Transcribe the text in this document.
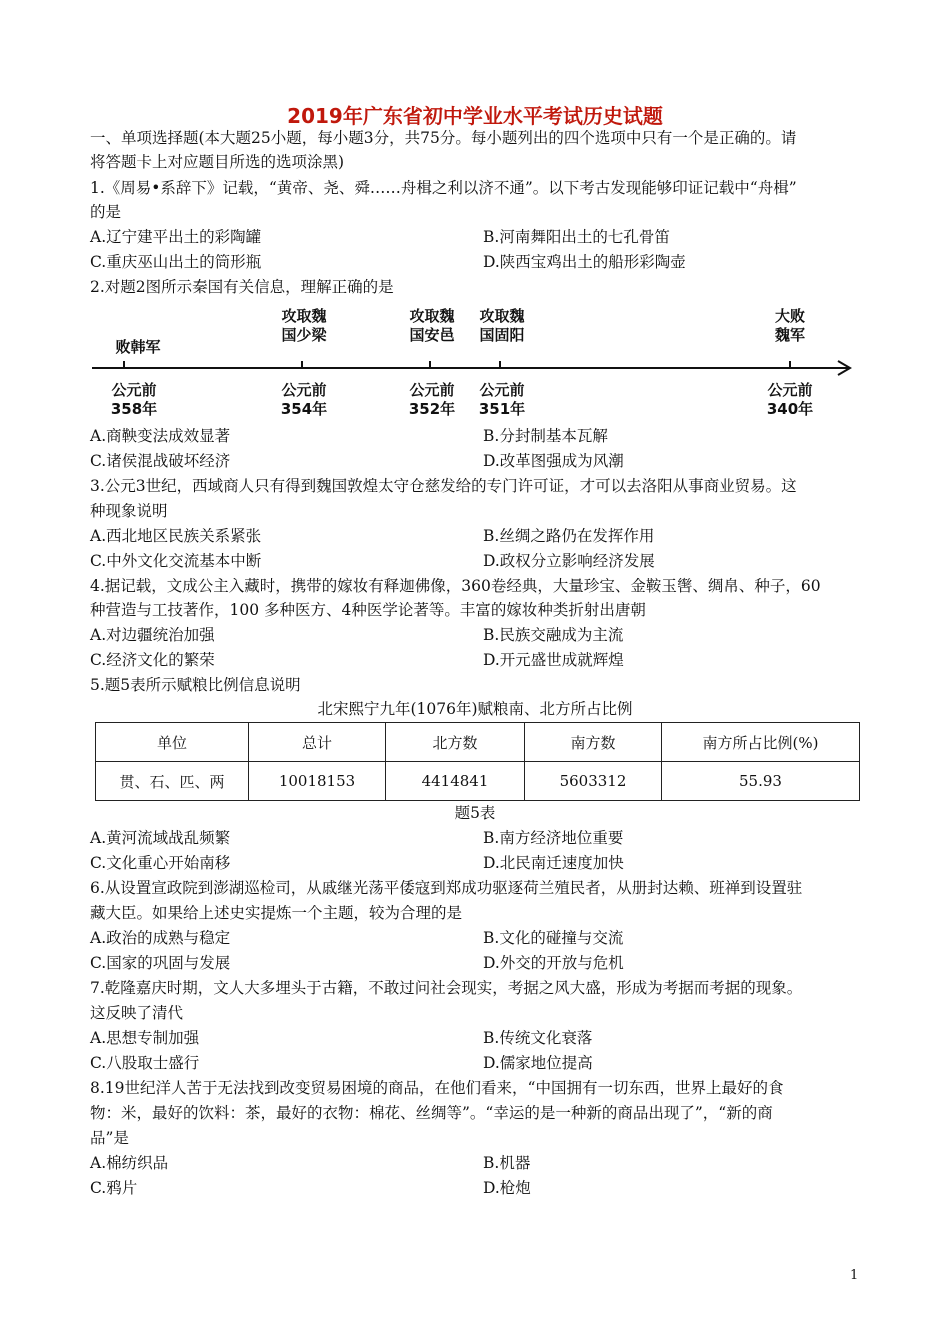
2019年广东省初中学业水平考试历史试题
一、单项选择题(本大题25小题，每小题3分，共75分。每小题列出的四个选项中只有一个是正确的。请
将答题卡上对应题目所选的选项涂黑)
1.《周易•系辞下》记载，“黄帝、尧、舜……舟楫之利以济不通”。以下考古发现能够印证记载中“舟楫”
的是
A.辽宁建平出土的彩陶罐	B.河南舞阳出土的七孔骨笛
C.重庆巫山出土的筒形瓶	D.陕西宝鸡出土的船形彩陶壶
2.对题2图所示秦国有关信息，理解正确的是
败韩军
公元前
358年
攻取魏
国少梁
公元前
354年
攻取魏
国安邑
公元前
352年
攻取魏
国固阳
公元前
351年
大败
魏军
公元前
340年
A.商鞅变法成效显著	B.分封制基本瓦解
C.诸侯混战破坏经济	D.改革图强成为风潮
3.公元3世纪，西域商人只有得到魏国敦煌太守仓慈发给的专门许可证，才可以去洛阳从事商业贸易。这
种现象说明
A.西北地区民族关系紧张	B.丝绸之路仍在发挥作用
C.中外文化交流基本中断	D.政权分立影响经济发展
4.据记载，文成公主入藏时，携带的嫁妆有释迦佛像，360卷经典，大量珍宝、金鞍玉辔、绸帛、种子，60
种营造与工技著作，100 多种医方、4种医学论著等。丰富的嫁妆种类折射出唐朝
A.对边疆统治加强	B.民族交融成为主流
C.经济文化的繁荣	D.开元盛世成就辉煌
5.题5表所示赋粮比例信息说明
北宋熙宁九年(1076年)赋粮南、北方所占比例
单位	总计	北方数	南方数	南方所占比例(%)
贯、石、匹、两	10018153	4414841	5603312	55.93
题5表
A.黄河流域战乱频繁	B.南方经济地位重要
C.文化重心开始南移	D.北民南迁速度加快
6.从设置宣政院到澎湖巡检司，从戚继光荡平倭寇到郑成功驱逐荷兰殖民者，从册封达赖、班禅到设置驻
藏大臣。如果给上述史实提炼一个主题，较为合理的是
A.政治的成熟与稳定	B.文化的碰撞与交流
C.国家的巩固与发展	D.外交的开放与危机
7.乾隆嘉庆时期，文人大多埋头于古籍，不敢过问社会现实，考据之风大盛，形成为考据而考据的现象。
这反映了清代
A.思想专制加强	B.传统文化衰落
C.八股取士盛行	D.儒家地位提高
8.19世纪洋人苦于无法找到改变贸易困境的商品，在他们看来，“中国拥有一切东西，世界上最好的食
物：米，最好的饮料：茶，最好的衣物：棉花、丝绸等”。“幸运的是一种新的商品出现了”，“新的商
品”是
A.棉纺织品	B.机器
C.鸦片	D.枪炮
1
